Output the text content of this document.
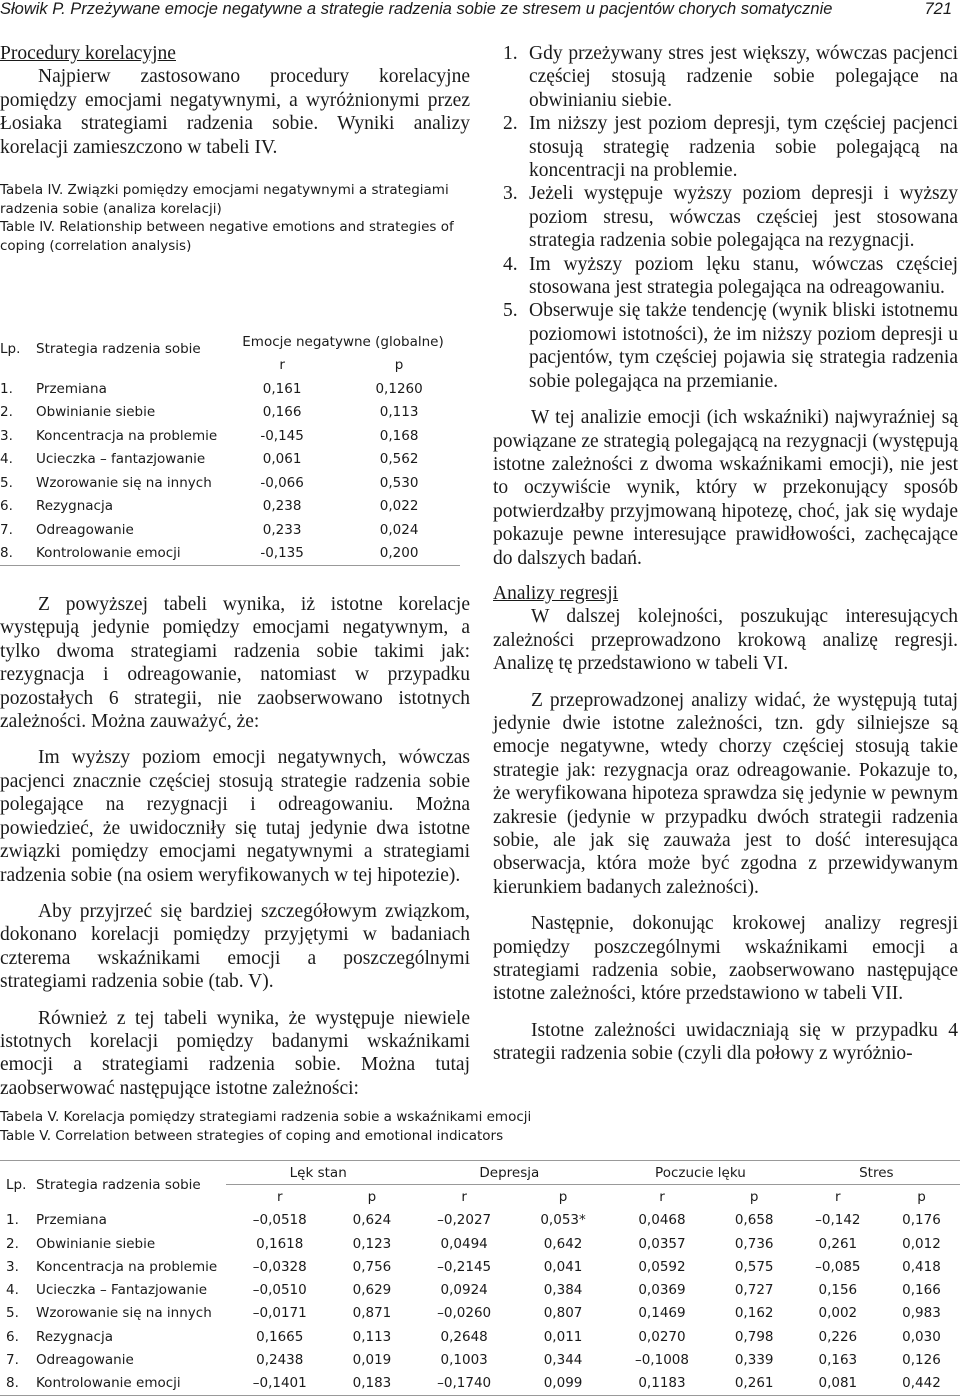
Słowik P. Przeżywane emocje negatywne a strategie radzenia sobie ze stresem u pacjentów chorych somatycznie	721

Procedury korelacyjne

Najpierw zastosowano procedury korelacyjne pomiędzy emocjami negatywnymi, a wyróżnionymi przez Łosiaka strategiami radzenia sobie. Wyniki analizy korelacji zamieszczono w tabeli IV.

Tabela IV. Związki pomiędzy emocjami negatywnymi a strategiami radzenia sobie (analiza korelacji)

Table IV. Relationship between negative emotions and strategies of coping (correlation analysis)

Lp.	Strategia radzenia sobie	Emocje negatywne (globalne)	
		r	p
1.	Przemiana	0,161	0,1260
2.	Obwinianie siebie	0,166	0,113
3.	Koncentracja na problemie	-0,145	0,168
4.	Ucieczka – fantazjowanie	0,061	0,562
5.	Wzorowanie się na innych	-0,066	0,530
6.	Rezygnacja	0,238	0,022
7.	Odreagowanie	0,233	0,024
8.	Kontrolowanie emocji	-0,135	0,200

Z powyższej tabeli wynika, iż istotne korelacje występują jedynie pomiędzy emocjami negatywnym, a tylko dwoma strategiami radzenia sobie takimi jak: rezygnacja i odreagowanie, natomiast w przypadku pozostałych 6 strategii, nie zaobserwowano istotnych zależności. Można zauważyć, że:

Im wyższy poziom emocji negatywnych, wówczas pacjenci znacznie częściej stosują strategie radzenia sobie polegające na rezygnacji i odreagowaniu. Można powiedzieć, że uwidoczniły się tutaj jedynie dwa istotne związki pomiędzy emocjami negatywnymi a strategiami radzenia sobie (na osiem weryfikowanych w tej hipotezie).

Aby przyjrzeć się bardziej szczegółowym związkom, dokonano korelacji pomiędzy przyjętymi w badaniach czterema wskaźnikami emocji a poszczególnymi strategiami radzenia sobie (tab. V).

Również z tej tabeli wynika, że występuje niewiele istotnych korelacji pomiędzy badanymi wskaźnikami emocji a strategiami radzenia sobie. Można tutaj zaobserwować następujące istotne zależności:

1. Gdy przeżywany stres jest większy, wówczas pacjenci częściej stosują radzenie sobie polegające na obwinianiu siebie.
2. Im niższy jest poziom depresji, tym częściej pacjenci stosują strategię radzenia sobie polegającą na koncentracji na problemie.
3. Jeżeli występuje wyższy poziom depresji i wyższy poziom stresu, wówczas częściej jest stosowana strategia radzenia sobie polegająca na rezygnacji.
4. Im wyższy poziom lęku stanu, wówczas częściej stosowana jest strategia polegająca na odreagowaniu.
5. Obserwuje się także tendencję (wynik bliski istotnemu poziomowi istotności), że im niższy poziom depresji u pacjentów, tym częściej pojawia się strategia radzenia sobie polegająca na przemianie.

W tej analizie emocji (ich wskaźniki) najwyraźniej są powiązane ze strategią polegającą na rezygnacji (występują istotne zależności z dwoma wskaźnikami emocji), nie jest to oczywiście wynik, który w przekonujący sposób potwierdzałby przyjmowaną hipotezę, choć, jak się wydaje pokazuje pewne interesujące prawidłowości, zachęcające do dalszych badań.

Analizy regresji

W dalszej kolejności, poszukując interesujących zależności przeprowadzono krokową analizę regresji. Analizę tę przedstawiono w tabeli VI.

Z przeprowadzonej analizy widać, że występują tutaj jedynie dwie istotne zależności, tzn. gdy silniejsze są emocje negatywne, wtedy chorzy częściej stosują takie strategie jak: rezygnacja oraz odreagowanie. Pokazuje to, że weryfikowana hipoteza sprawdza się jedynie w pewnym zakresie (jedynie w przypadku dwóch strategii radzenia sobie, ale jak się zauważa jest to dość interesująca obserwacja, która może być zgodna z przewidywanym kierunkiem badanych zależności).

Następnie, dokonując krokowej analizy regresji pomiędzy poszczególnymi wskaźnikami emocji a strategiami radzenia sobie, zaobserwowano następujące istotne zależności, które przedstawiono w tabeli VII.

Istotne zależności uwidaczniają się w przypadku 4 strategii radzenia sobie (czyli dla połowy z wyróżnio-

Tabela V. Korelacja pomiędzy strategiami radzenia sobie a wskaźnikami emocji

Table V. Correlation between strategies of coping and emotional indicators

Lp.	Strategia radzenia sobie	Lęk stan		Depresja		Poczucie lęku		Stres	
		r	p	r	p	r	p	r	p
1.	Przemiana	–0,0518	0,624	–0,2027	0,053*	0,0468	0,658	–0,142	0,176
2.	Obwinianie siebie	0,1618	0,123	0,0494	0,642	0,0357	0,736	0,261	0,012
3.	Koncentracja na problemie	–0,0328	0,756	–0,2145	0,041	0,0592	0,575	–0,085	0,418
4.	Ucieczka – Fantazjowanie	–0,0510	0,629	0,0924	0,384	0,0369	0,727	0,156	0,166
5.	Wzorowanie się na innych	–0,0171	0,871	–0,0260	0,807	0,1469	0,162	0,002	0,983
6.	Rezygnacja	0,1665	0,113	0,2648	0,011	0,0270	0,798	0,226	0,030
7.	Odreagowanie	0,2438	0,019	0,1003	0,344	–0,1008	0,339	0,163	0,126
8.	Kontrolowanie emocji	–0,1401	0,183	–0,1740	0,099	0,1183	0,261	0,081	0,442
